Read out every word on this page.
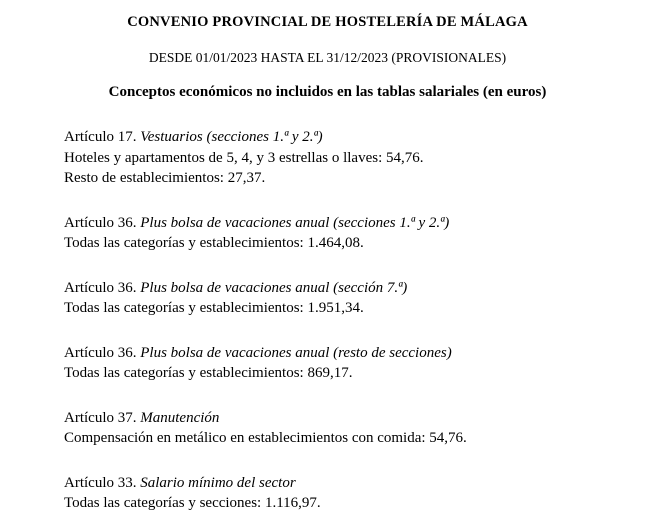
CONVENIO PROVINCIAL DE HOSTELERÍA DE MÁLAGA
DESDE 01/01/2023 HASTA EL 31/12/2023 (PROVISIONALES)
Conceptos económicos no incluidos en las tablas salariales (en euros)
Artículo 17. Vestuarios (secciones 1.ª y 2.ª)
Hoteles y apartamentos de 5, 4, y 3 estrellas o llaves: 54,76.
Resto de establecimientos: 27,37.
Artículo 36. Plus bolsa de vacaciones anual (secciones 1.ª y 2.ª)
Todas las categorías y establecimientos: 1.464,08.
Artículo 36. Plus bolsa de vacaciones anual (sección 7.ª)
Todas las categorías y establecimientos: 1.951,34.
Artículo 36. Plus bolsa de vacaciones anual (resto de secciones)
Todas las categorías y establecimientos: 869,17.
Artículo 37. Manutención
Compensación en metálico en establecimientos con comida: 54,76.
Artículo 33. Salario mínimo del sector
Todas las categorías y secciones: 1.116,97.
